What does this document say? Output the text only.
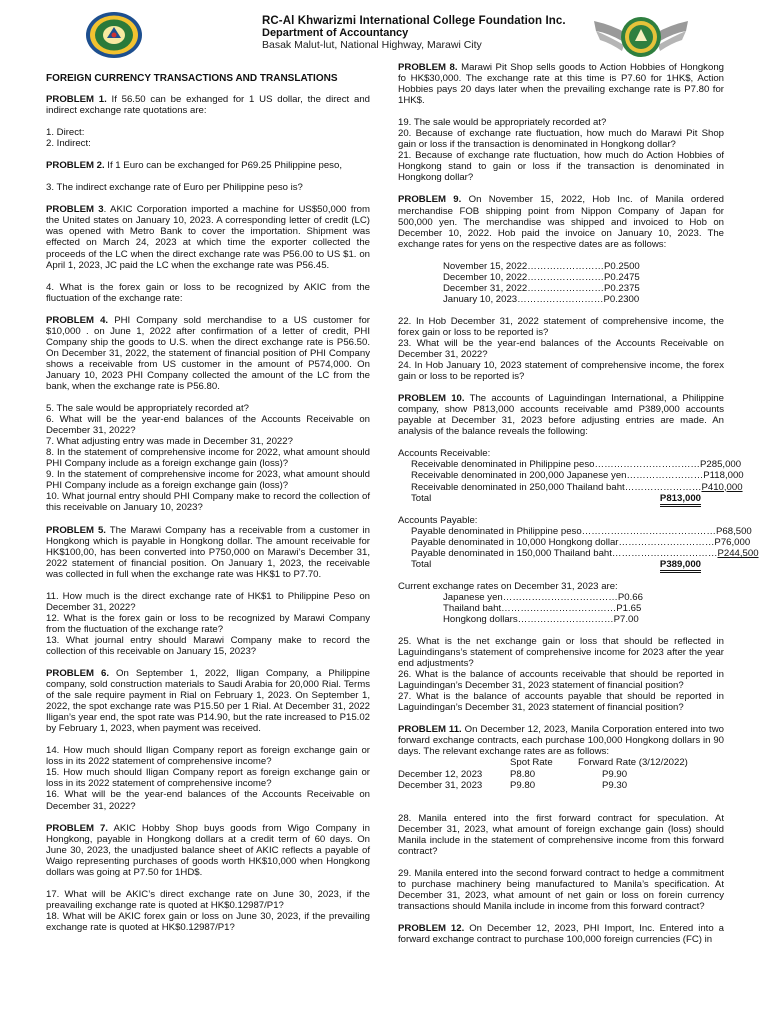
RC-Al Khwarizmi International College Foundation Inc.
Department of Accountancy
Basak Malut-lut, National Highway, Marawi City
FOREIGN CURRENCY TRANSACTIONS AND TRANSLATIONS

PROBLEM 1. If 56.50 can be exhanged for 1 US dollar, the direct and indirect exchange rate quotations are:

1. Direct:

2. Indirect:

PROBLEM 2. If 1 Euro can be exchanged for P69.25 Philippine peso,

3. The indirect exchange rate of Euro per Philippine peso is?

PROBLEM 3. AKIC Corporation imported a machine for US$50,000 from the United states on January 10, 2023. A corresponding letter of credit (LC) was opened with Metro Bank to cover the importation. Shipment was effected on March 24, 2023 at which time the exporter collected the proceeds of the LC when the direct exchange rate was P56.00 to US $1. on April 1, 2023, JC paid the LC when the exchange rate was P56.45.

4. What is the forex gain or loss to be recognized by AKIC from the fluctuation of the exchange rate:

PROBLEM 4. PHI Company sold merchandise to a US customer for $10,000 . on June 1, 2022 after confirmation of a letter of credit, PHI Company ship the goods to U.S. when the direct exchange rate is P56.50. On December 31, 2022, the statement of financial position of PHI Company shows a receivable from US customer in the amount of P574,000. On January 10, 2023 PHI Company collected the amount of the LC from the bank, when the exchange rate is P56.80.

5. The sale would be appropriately recorded at?

6. What will be the year-end balances of the Accounts Receivable on December 31, 2022?

7. What adjusting entry was made in December 31, 2022?

8. In the statement of comprehensive income for 2022, what amount should PHI Company include as a foreign exchange gain (loss)?

9. In the statement of comprehensive income for 2023, what amount should PHI Company include as a foreign exchange gain (loss)?

10. What journal entry should PHI Company make to record the collection of this receivable on January 10, 2023?

PROBLEM 5. The Marawi Company has a receivable from a customer in Hongkong which is payable in Hongkong dollar. The amount receivable for HK$100,00, has been converted into P750,000 on Marawi’s December 31, 2022 statement of financial position. On January 1, 2023, the receivable was collected in full when the exchange rate was HK$1 to P7.70.

11. How much is the direct exchange rate of HK$1 to Philippine Peso on December 31, 2022?

12. What is the forex gain or loss to be recognized by Marawi Company from the fluctuation of the exchange rate?

13. What journal entry should Marawi Company make to record the collection of this receivable on January 15, 2023?

PROBLEM 6. On September 1, 2022, Iligan Company, a Philippine company, sold construction materials to Saudi Arabia for 20,000 Rial. Terms of the sale require payment in Rial on February 1, 2023. On September 1, 2022, the spot exchange rate was P15.50 per 1 Rial. At December 31, 2022 Iligan’s year end, the spot rate was P14.90, but the rate increased to P15.02 by February 1, 2023, when payment was received.

14. How much should Iligan Company report as foreign exchange gain or loss in its 2022 statement of comprehensive income?

15. How much should Iligan Company report as foreign exchange gain or loss in its 2022 statement of comprehensive income?

16. What will be the year-end balances of the Accounts Receivable on December 31, 2022?

PROBLEM 7. AKIC Hobby Shop buys goods from Wigo Company in Hongkong, payable in Hongkong dollars at a credit term of 60 days. On June 30, 2023, the unadjusted balance sheet of AKIC reflects a payable of Waigo representing purchases of goods worth HK$10,000 when Hongkong dollars was going at P7.50 for 1HD$.

17. What will be AKIC’s direct exchange rate on June 30, 2023, if the preavailing exchange rate is quoted at HK$0.12987/P1?

18. What will be AKIC forex gain or loss on June 30, 2023, if the prevailing exchange rate is quoted at HK$0.12987/P1?

PROBLEM 8. Marawi Pit Shop sells goods to Action Hobbies of Hongkong fo HK$30,000. The exchange rate at this time is P7.60 for 1HK$, Action Hobbies pays 20 days later when the prevailing exchange rate is P7.80 for 1HK$.

19. The sale would be appropriately recorded at?

20. Because of exchange rate fluctuation, how much do Marawi Pit Shop gain or loss if the transaction is denominated in Hongkong dollar?

21. Because of exchange rate fluctuation, how much do Action Hobbies of Hongkong stand to gain or loss if the transaction is denominated in Hongkong dollar?

PROBLEM 9. On November 15, 2022, Hob Inc. of Manila ordered merchandise FOB shipping point from Nippon Company of Japan for 500,000 yen. The merchandise was shipped and invoiced to Hob on December 10, 2022. Hob paid the invoice on January 10, 2023. The exchange rates for yens on the respective dates are as follows:

November 15, 2022……………………P0.2500

December 10, 2022……………………P0.2475

December 31, 2022……………………P0.2375

January 10, 2023………………………P0.2300

22. In Hob December 31, 2022 statement of comprehensive income, the forex gain or loss to be reported is?

23. What will be the year-end balances of the Accounts Receivable on December 31, 2022?

24. In Hob January 10, 2023 statement of comprehensive income, the forex gain or loss to be reported is?

PROBLEM 10. The accounts of Laguindingan International, a Philippine company, show P813,000 accounts receivable amd P389,000 accounts payable at December 31, 2023 before adjusting entries are made. An analysis of the balance reveals the following:

Accounts Receivable:

Receivable denominated in Philippine peso…………………………… P285,000
Receivable denominated in 200,000 Japanese yen…………………… P118,000
Receivable denominated in 250,000 Thailand baht…………………… P410,000
Total	P813,000

Accounts Payable:

Payable denominated in Philippine peso…………………………………… P68,500
Payable denominated in 10,000 Hongkong dollar………………………… P76,000
Payable denominated in 150,000 Thailand baht…………………………… P244,500
Total	P389,000

Current exchange rates on December 31, 2023 are:

Japanese yen……………………………… P0.66
Thailand baht……………………………… P1.65
Hongkong dollars………………………… P7.00

25. What is the net exchange gain or loss that should be reflected in Laguindingans’s statement of comprehensive income for 2023 after the year end adjustments?

26. What is the balance of accounts receivable that should be reported in Laguindingan’s December 31, 2023 statement of financial position?

27. What is the balance of accounts payable that should be reported in Laguindingan’s December 31, 2023 statement of financial position?

PROBLEM 11. On December 12, 2023, Manila Corporation entered into two forward exchange contracts, each purchase 100,000 Hongkong dollars in 90 days. The relevant exchange rates are as follows:

Spot Rate	Forward Rate (3/12/2022)
December 12, 2023	P8.80	P9.90
December 31, 2023	P9.80	P9.30

28. Manila entered into the first forward contract for speculation. At December 31, 2023, what amount of foreign exchange gain (loss) should Manila include in the statement of comprehensive income from this forward contract?

29. Manila entered into the second forward contract to hedge a commitment to purchase machinery being manufactured to Manila’s specification. At December 31, 2023, what amount of net gain or loss on forein currency transactions should Manila include in income from this forward contract?

PROBLEM 12. On December 12, 2023, PHI Import, Inc. Entered into a forward exchange contract to purchase 100,000 foreign currencies (FC) in
